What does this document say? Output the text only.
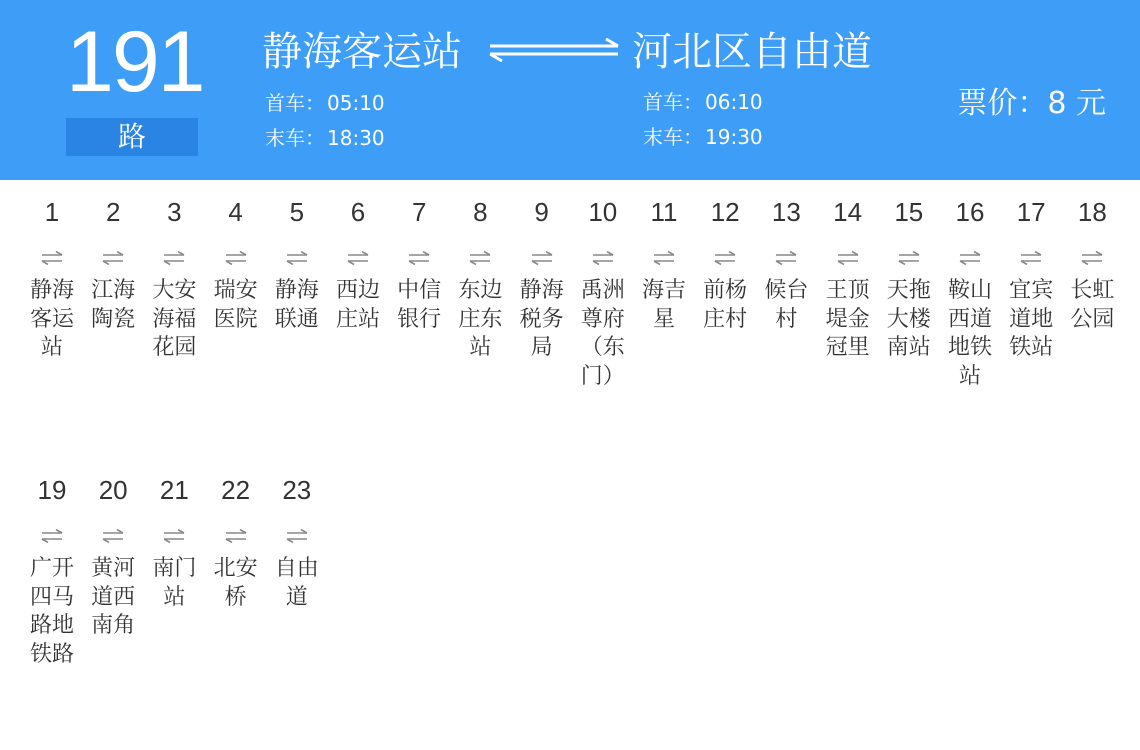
191
路
静海客运站	河北区自由道
首车： 05:10
末车： 18:30
首车： 06:10
末车： 19:30
票价：8 元
1
静海客运站
2
江海陶瓷
3
大安海福花园
4
瑞安医院
5
静海联通
6
西边庄站
7
中信银行
8
东边庄东站
9
静海税务局
10
禹洲尊府（东门）
11
海吉星
12
前杨庄村
13
候台村
14
王顶堤金冠里
15
天拖大楼南站
16
鞍山西道地铁站
17
宜宾道地铁站
18
长虹公园
19
广开四马路地铁路
20
黄河道西南角
21
南门站
22
北安桥
23
自由道
